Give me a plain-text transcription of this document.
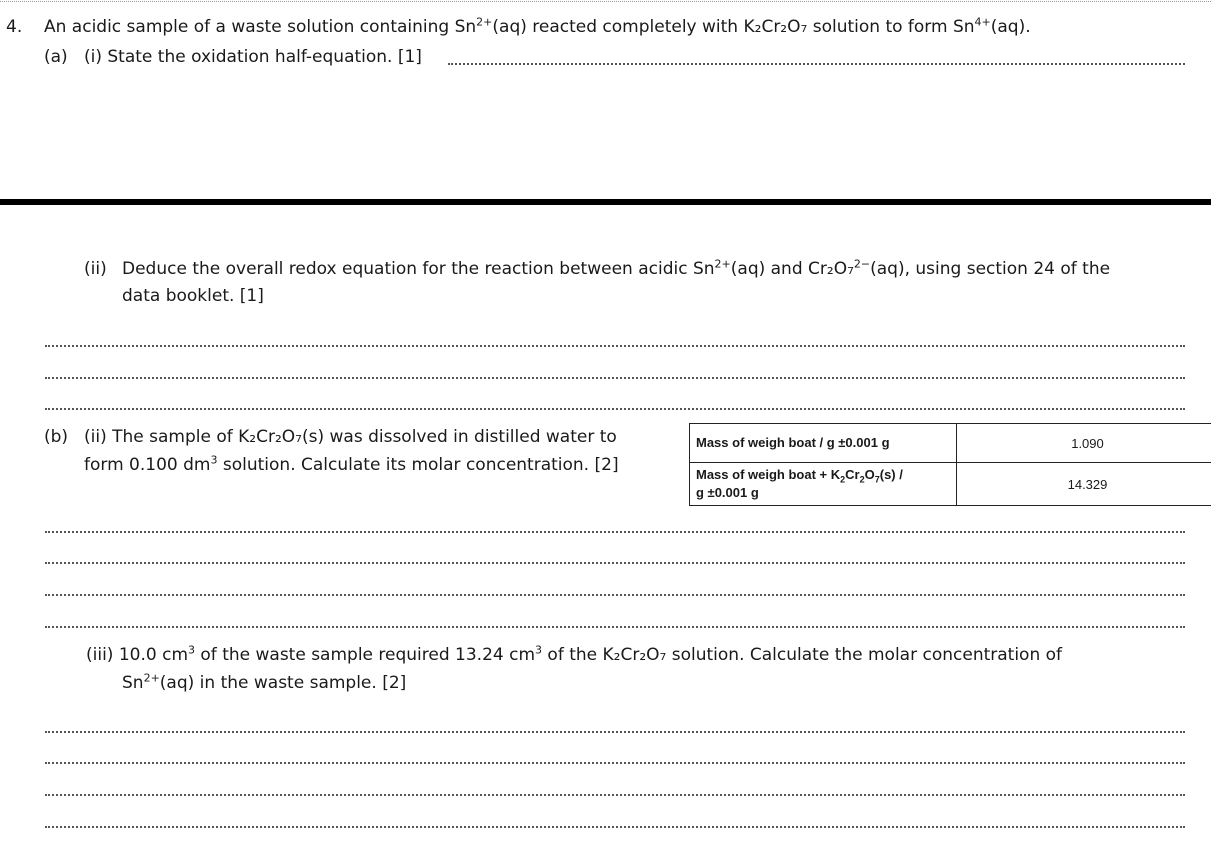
4. An acidic sample of a waste solution containing $Sn^{2+}(aq)$ reacted completely with K₂Cr₂O₇ solution to form $Sn^{4+}(aq)$.
(a) (i) State the oxidation half-equation. [1]
(ii) Deduce the overall redox equation for the reaction between acidic $Sn^{2+}(aq)$ and Cr₂O₇$^{2-}$(aq), using section 24 of the
data booklet. [1]
(b) (ii) The sample of K₂Cr₂O₇(s) was dissolved in distilled water to
form 0.100 $dm^3$ solution. Calculate its molar concentration. [2]
Mass of weigh boat / g ±0.001 g	1.090
Mass of weigh boat + $K_2Cr_2O_7(s)$ /
g ±0.001 g	14.329
(iii) 10.0 $cm^3$ of the waste sample required 13.24 $cm^3$ of the K₂Cr₂O₇ solution. Calculate the molar concentration of
$Sn^{2+}(aq)$ in the waste sample. [2]
